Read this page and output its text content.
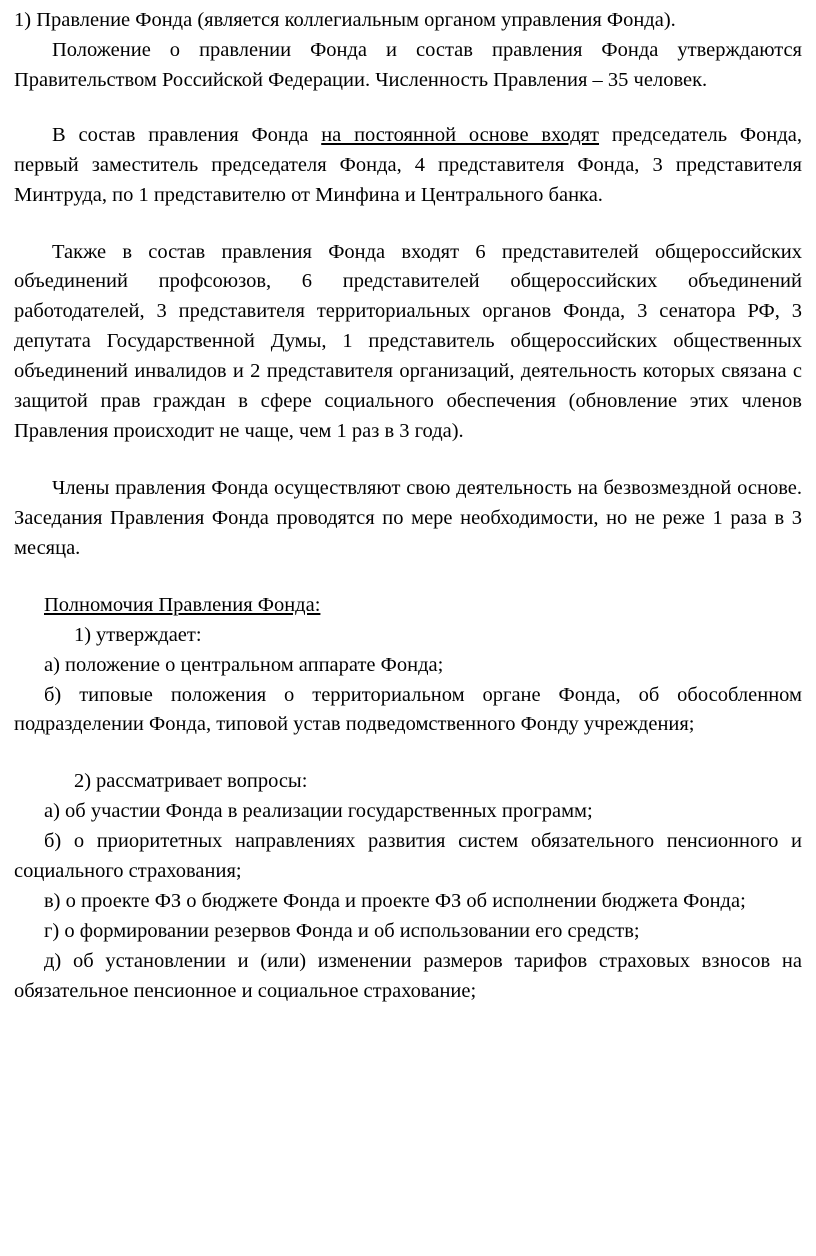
1) Правление Фонда (является коллегиальным органом управления Фонда).

Положение о правлении Фонда и состав правления Фонда утверждаются Правительством Российской Федерации. Численность Правления – 35 человек.

В состав правления Фонда на постоянной основе входят председатель Фонда, первый заместитель председателя Фонда, 4 представителя Фонда, 3 представителя Минтруда, по 1 представителю от Минфина и Центрального банка.

Также в состав правления Фонда входят 6 представителей общероссийских объединений профсоюзов, 6 представителей общероссийских объединений работодателей, 3 представителя территориальных органов Фонда, 3 сенатора РФ, 3 депутата Государственной Думы, 1 представитель общероссийских общественных объединений инвалидов и 2 представителя организаций, деятельность которых связана с защитой прав граждан в сфере социального обеспечения (обновление этих членов Правления происходит не чаще, чем 1 раз в 3 года).

Члены правления Фонда осуществляют свою деятельность на безвозмездной основе. Заседания Правления Фонда проводятся по мере необходимости, но не реже 1 раза в 3 месяца.

Полномочия Правления Фонда:

1) утверждает:

а) положение о центральном аппарате Фонда;

б) типовые положения о территориальном органе Фонда, об обособленном подразделении Фонда, типовой устав подведомственного Фонду учреждения;

2) рассматривает вопросы:

а) об участии Фонда в реализации государственных программ;

б) о приоритетных направлениях развития систем обязательного пенсионного и социального страхования;

в) о проекте ФЗ о бюджете Фонда и проекте ФЗ об исполнении бюджета Фонда;

г) о формировании резервов Фонда и об использовании его средств;

д) об установлении и (или) изменении размеров тарифов страховых взносов на обязательное пенсионное и социальное страхование;
